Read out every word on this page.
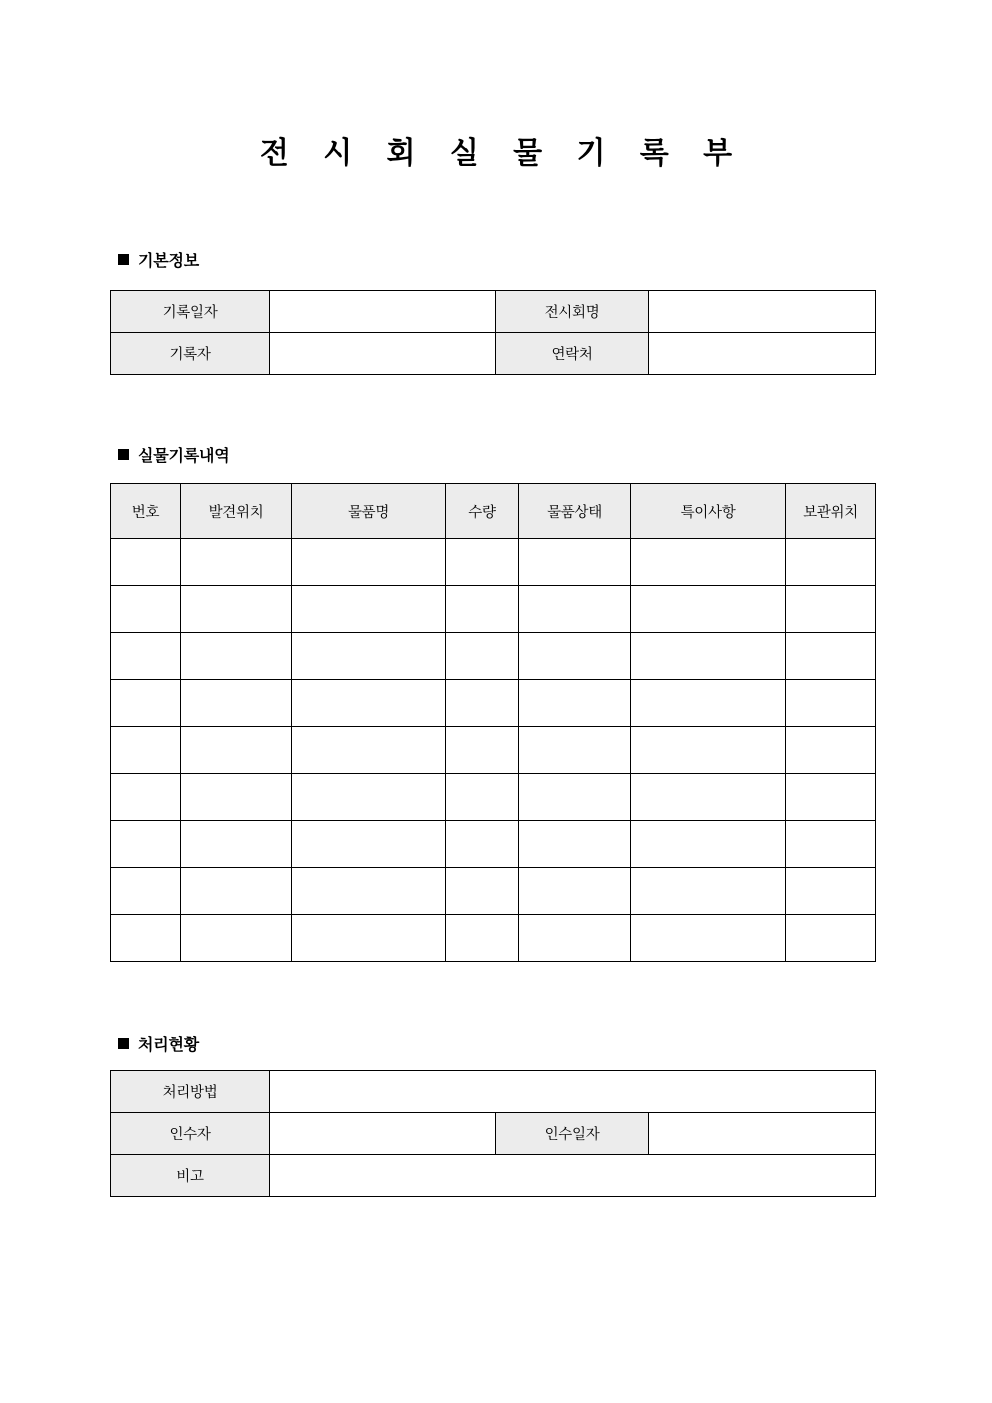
전 시 회 실 물 기 록 부
기본정보
기록일자		전시회명	
기록자		연락처	
실물기록내역
번호	발견위치	물품명	수량	물품상태	특이사항	보관위치

처리현황
처리방법			
인수자		인수일자	
비고			
